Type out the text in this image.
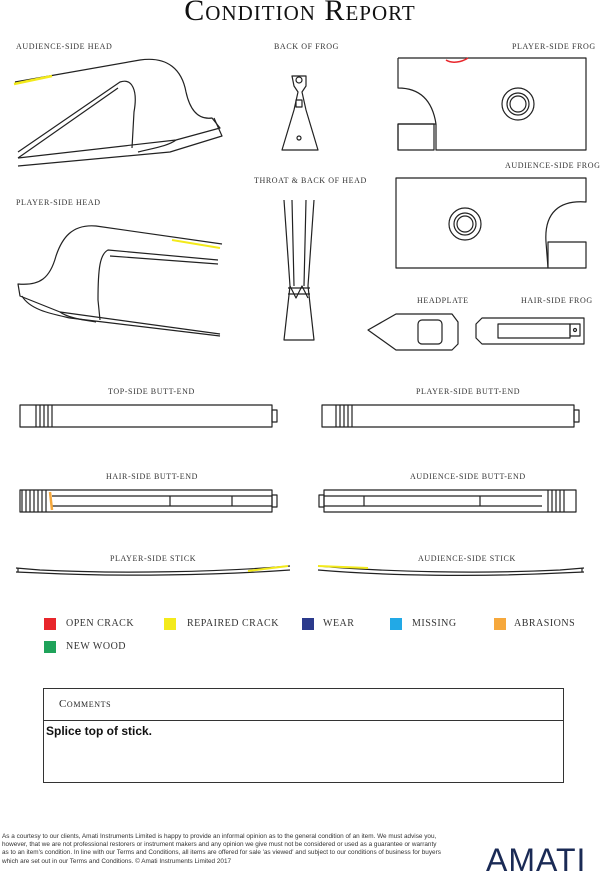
Condition Report
AUDIENCE-SIDE HEAD	BACK OF FROG	PLAYER-SIDE FROG
AUDIENCE-SIDE FROG
PLAYER-SIDE HEAD
THROAT & BACK OF HEAD
HEADPLATE	HAIR-SIDE FROG
TOP-SIDE BUTT-END	PLAYER-SIDE BUTT-END
HAIR-SIDE BUTT-END	AUDIENCE-SIDE BUTT-END
PLAYER-SIDE STICK	AUDIENCE-SIDE STICK
OPEN CRACK	REPAIRED CRACK	WEAR	MISSING	ABRASIONS
NEW WOOD
Comments
Splice top of stick.
As a courtesy to our clients, Amati Instruments Limited is happy to provide an informal opinion as to the general condition of an item. We must advise you, however, that we are not professional restorers or instrument makers and any opinion we give must not be considered or used as a guarantee or warranty as to an item's condition. In line with our Terms and Conditions, all items are offered for sale 'as viewed' and subject to our conditions of business for buyers which are set out in our Terms and Conditions. © Amati Instruments Limited 2017	AMATI
